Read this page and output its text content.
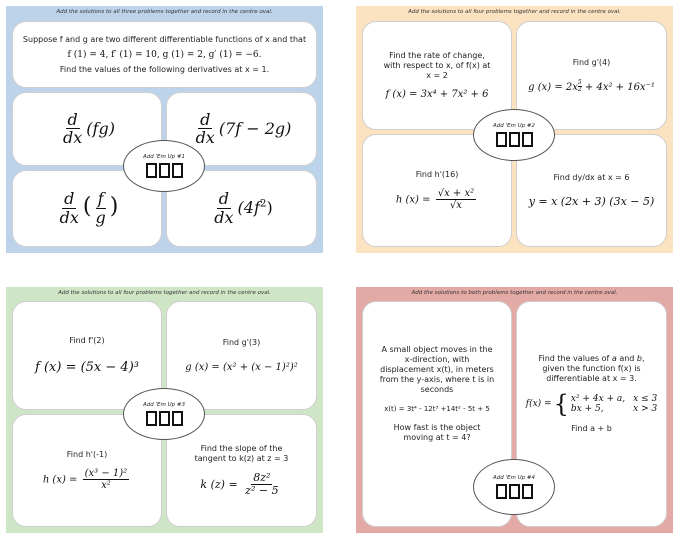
Add the solutions to all three problems together and record in the centre oval.
Suppose f and g are two different differentiable functions of x and that
f (1) = 4, f′ (1) = 10, g (1) = 2, g′ (1) = −6.
Find the values of the following derivatives at x = 1.
$\frac{d}{dx} (fg)$	$\frac{d}{dx} (7f - 2g)$
$\frac{d}{dx}$ ( $\frac{f}{g}$ )	$\frac{d}{dx} (4f^2)$
Add 'Em Up #1
Add the solutions to all four problems together and record in the centre oval.
Find the rate of change, with respect to x, of f(x) at x = 2
f (x) = 3x⁴ + 7x² + 6
Find g'(4)
g (x) = 2x $^{\frac{5}{2}}$ + 4x² + 16x⁻¹
Find h'(16)
h $(x) = \frac{\text{√x + x²}}{√x}$
Find dy/dx at x = 6
y = x (2x + 3) (3x − 5)
Add 'Em Up #2
Add the solutions to all four problems together and record in the centre oval.
Find f'(2)
f (x) = (5x − 4)³
Find g'(3)
g (x) = (x² + (x − 1)²)²
Find h'(-1)
h $(x) = \frac{\text{(x³ − 1)²}}{\text{x²}}$
Find the slope of the tangent to k(z) at z = 3
k $(z) = \frac{\text{8z²}}{\text{z² − 5}}$
Add 'Em Up #3
Add the solutions to both problems together and record in the centre oval.
A small object moves in the x-direction, with displacement x(t), in meters from the y-axis, where t is in seconds
x(t) = 3t⁴ - 12t³ +14t² - 5t + 5
How fast is the object moving at t = 4?
Find the values of a and b, given the function f(x) is differentiable at x = 3.
f(x) = { x² + 4x + a, x ≤ 3
bx + 5,	x > 3
Find a + b
Add 'Em Up #4
